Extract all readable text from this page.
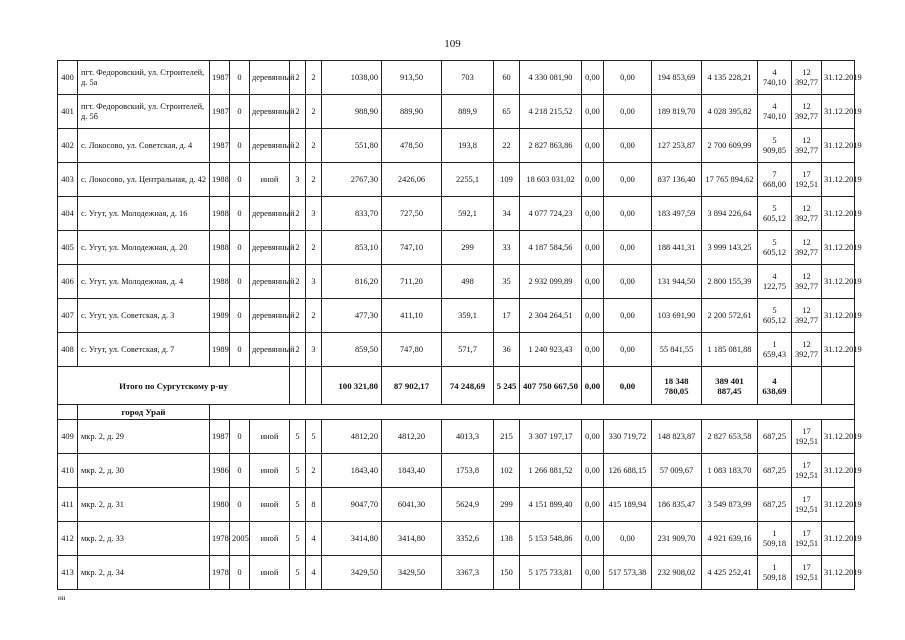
109
400	пгт. Федоровский, ул. Строителей, д. 5а	1987	0	деревянный	2	2	1038,00	913,50	703	60	4 330 081,90	0,00	0,00	194 853,69	4 135 228,21	4 740,10	12 392,77	31.12.2019
401	пгт. Федоровский, ул. Строителей, д. 5б	1987	0	деревянный	2	2	988,90	889,90	889,9	65	4 218 215,52	0,00	0,00	189 819,70	4 028 395,82	4 740,10	12 392,77	31.12.2019
402	с. Локосово, ул. Советская, д. 4	1987	0	деревянный	2	2	551,80	478,50	193,8	22	2 827 863,86	0,00	0,00	127 253,87	2 700 609,99	5 909,85	12 392,77	31.12.2019
403	с. Локосово, ул. Центральная, д. 42	1988	0	иной	3	2	2767,30	2426,06	2255,1	109	18 603 031,02	0,00	0,00	837 136,40	17 765 894,62	7 668,00	17 192,51	31.12.2019
404	с. Угут, ул. Молодежная, д. 16	1988	0	деревянный	2	3	833,70	727,50	592,1	34	4 077 724,23	0,00	0,00	183 497,59	3 894 226,64	5 605,12	12 392,77	31.12.2019
405	с. Угут, ул. Молодежная, д. 20	1988	0	деревянный	2	2	853,10	747,10	299	33	4 187 584,56	0,00	0,00	188 441,31	3 999 143,25	5 605,12	12 392,77	31.12.2019
406	с. Угут, ул. Молодежная, д. 4	1988	0	деревянный	2	3	816,20	711,20	498	35	2 932 099,89	0,00	0,00	131 944,50	2 800 155,39	4 122,75	12 392,77	31.12.2019
407	с. Угут, ул. Советская, д. 3	1989	0	деревянный	2	2	477,30	411,10	359,1	17	2 304 264,51	0,00	0,00	103 691,90	2 200 572,61	5 605,12	12 392,77	31.12.2019
408	с. Угут, ул. Советская, д. 7	1989	0	деревянный	2	3	859,50	747,80	571,7	36	1 240 923,43	0,00	0,00	55 841,55	1 185 081,88	1 659,43	12 392,77	31.12.2019
Итого по Сургутскому р-ну							100 321,80	87 902,17	74 248,69	5 245	407 750 667,50	0,00	0,00	18 348 780,05	389 401 887,45	4 638,69		
	город Урай																	
409	мкр. 2, д. 29	1987	0	иной	5	5	4812,20	4812,20	4013,3	215	3 307 197,17	0,00	330 719,72	148 823,87	2 827 653,58	687,25	17 192,51	31.12.2019
410	мкр. 2, д. 30	1986	0	иной	5	2	1843,40	1843,40	1753,8	102	1 266 881,52	0,00	126 688,15	57 009,67	1 083 183,70	687,25	17 192,51	31.12.2019
411	мкр. 2, д. 31	1980	0	иной	5	8	9047,70	6041,30	5624,9	299	4 151 899,40	0,00	415 189,94	186 835,47	3 549 873,99	687,25	17 192,51	31.12.2019
412	мкр. 2, д. 33	1978	2005	иной	5	4	3414,80	3414,80	3352,6	138	5 153 548,86	0,00	0,00	231 909,70	4 921 639,16	1 509,18	17 192,51	31.12.2019
413	мкр. 2, д. 34	1978	0	иной	5	4	3429,50	3429,50	3367,3	150	5 175 733,81	0,00	517 573,38	232 908,02	4 425 252,41	1 509,18	17 192,51	31.12.2019
нн
